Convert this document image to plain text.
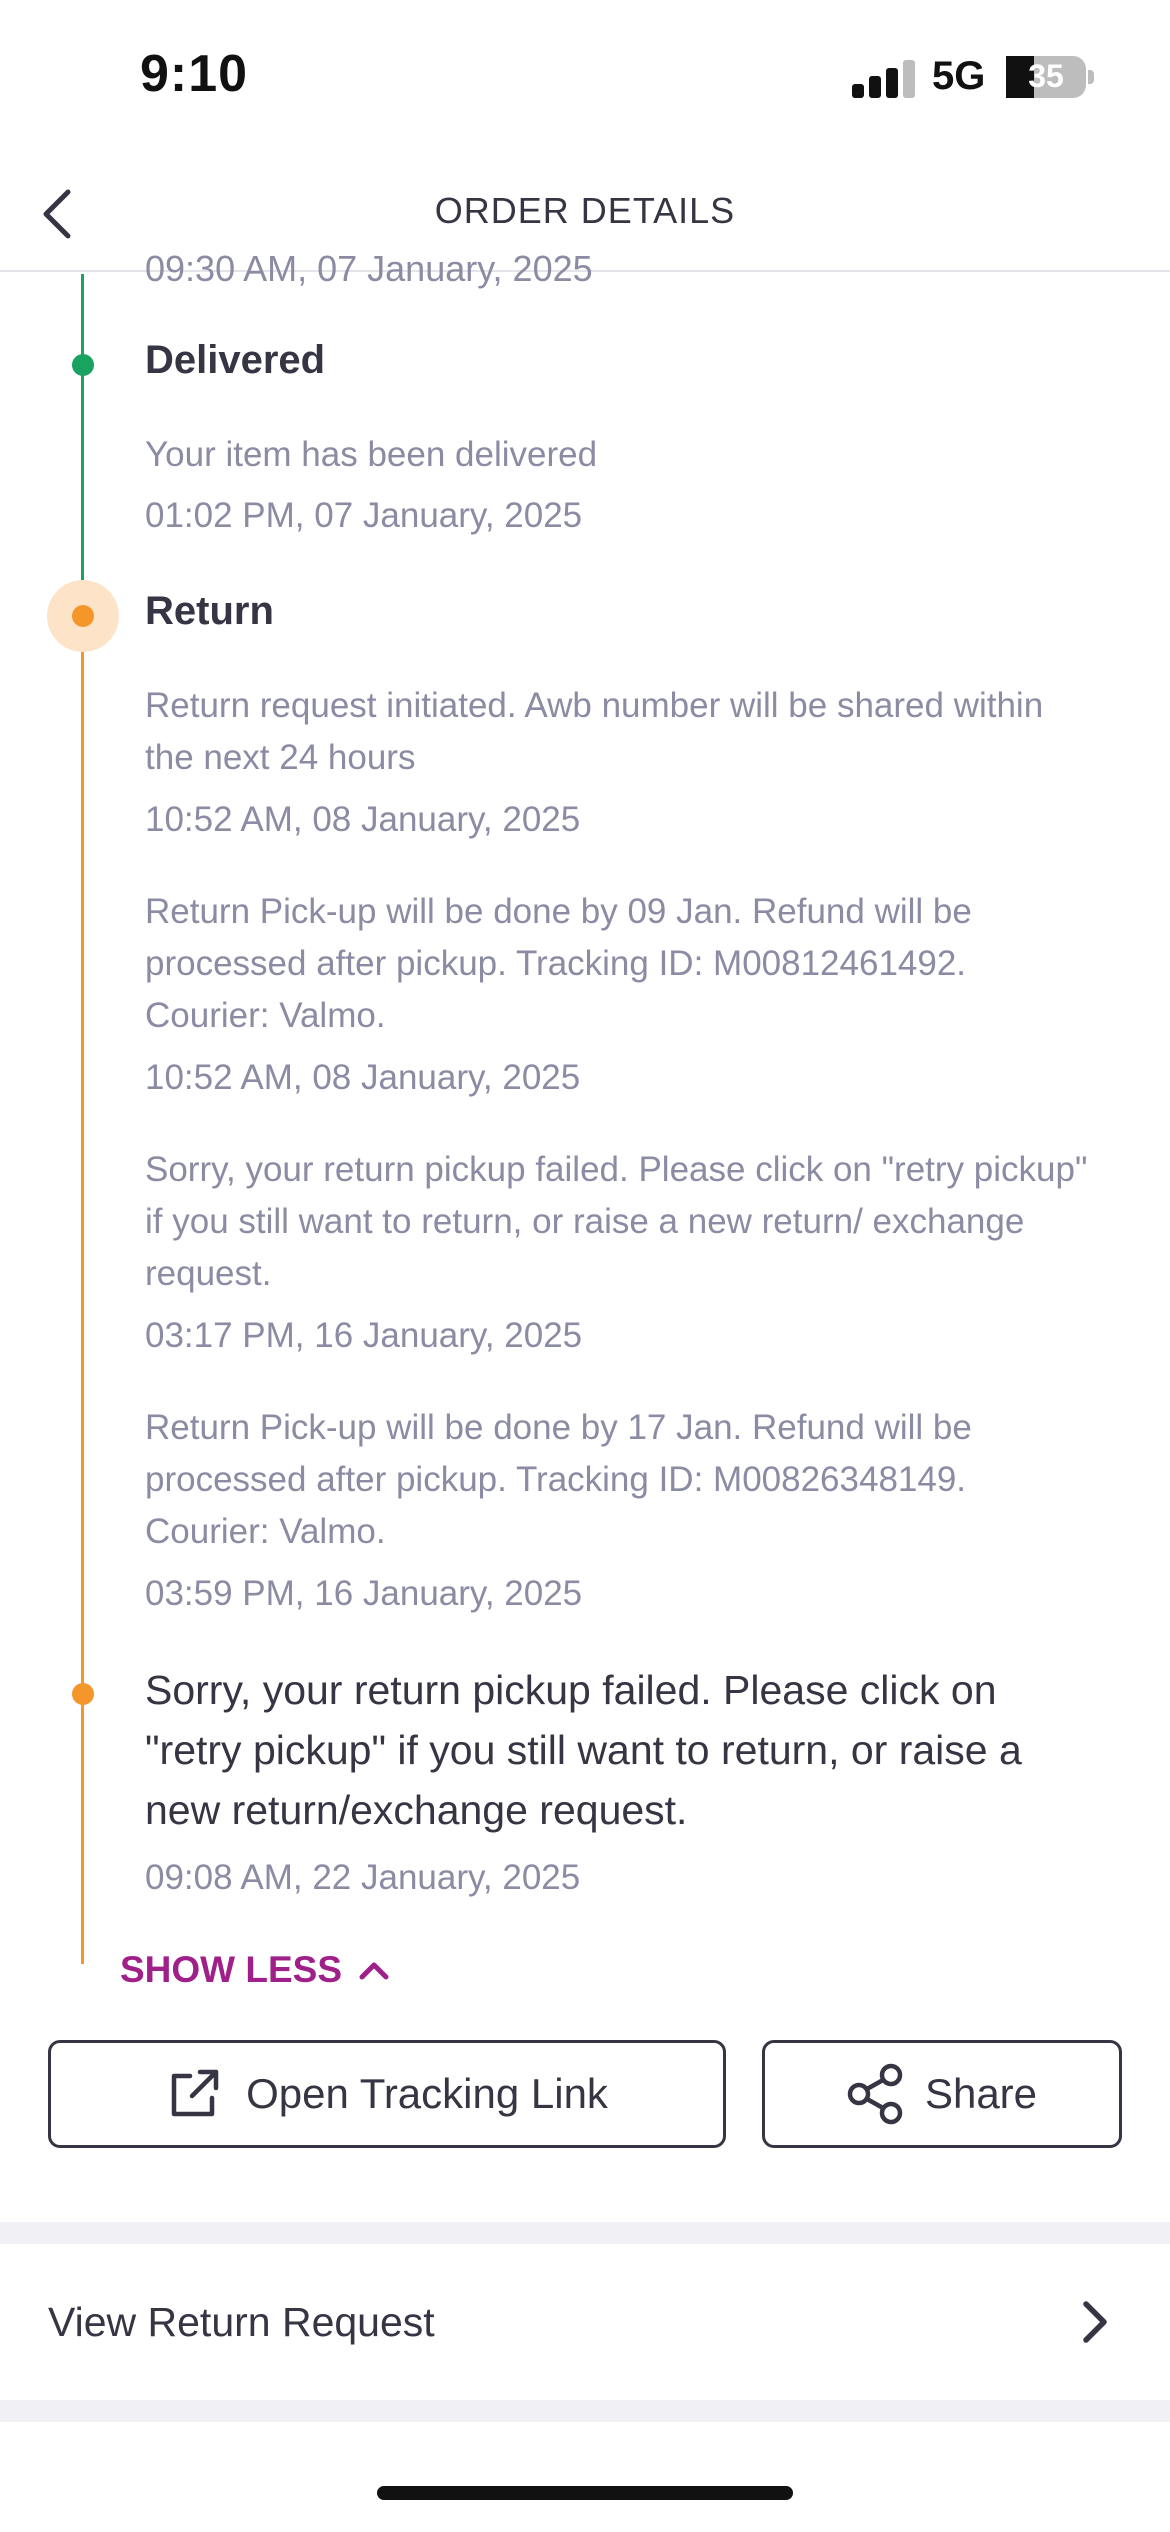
9:10	5G	35
ORDER DETAILS
09:30 AM, 07 January, 2025
Delivered
Your item has been delivered
01:02 PM, 07 January, 2025
Return
Return request initiated. Awb number will be shared within the next 24 hours
10:52 AM, 08 January, 2025
Return Pick-up will be done by 09 Jan. Refund will be processed after pickup. Tracking ID: M00812461492. Courier: Valmo.
10:52 AM, 08 January, 2025
Sorry, your return pickup failed. Please click on "retry pickup" if you still want to return, or raise a new return/ exchange request.
03:17 PM, 16 January, 2025
Return Pick-up will be done by 17 Jan. Refund will be processed after pickup. Tracking ID: M00826348149. Courier: Valmo.
03:59 PM, 16 January, 2025
Sorry, your return pickup failed. Please click on "retry pickup" if you still want to return, or raise a new return/exchange request.
09:08 AM, 22 January, 2025
SHOW LESS
Open Tracking Link	Share
View Return Request
